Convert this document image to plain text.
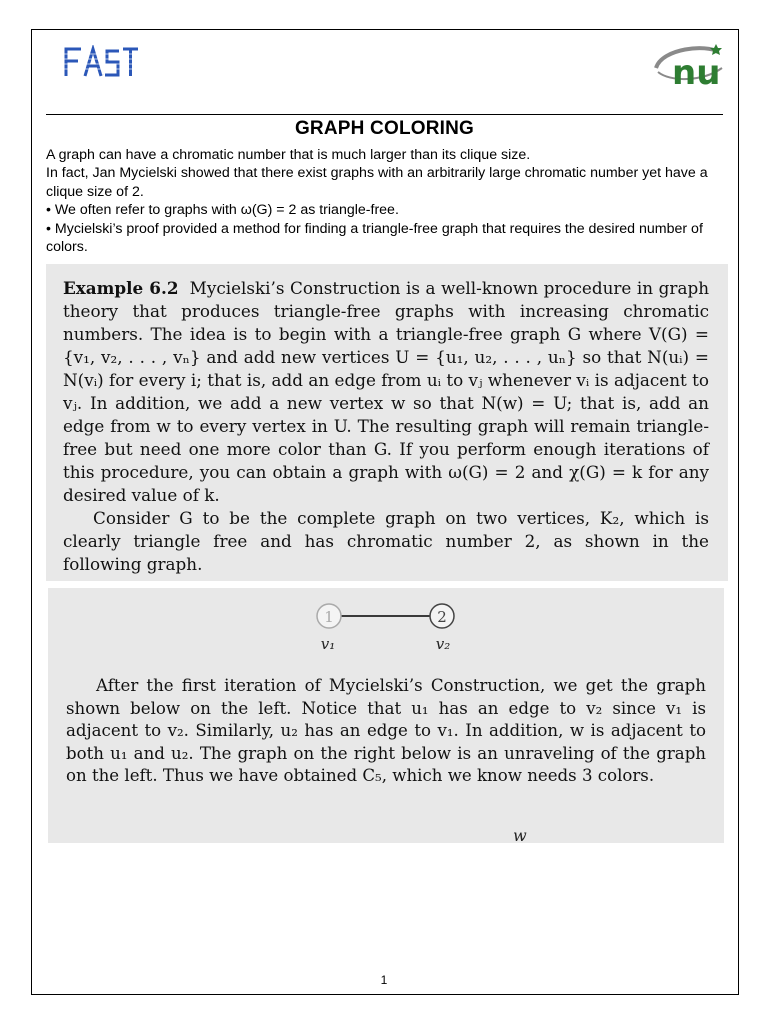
FAST	nu
GRAPH COLORING

A graph can have a chromatic number that is much larger than its clique size.

In fact, Jan Mycielski showed that there exist graphs with an arbitrarily large chromatic number yet have a clique size of 2.

• We often refer to graphs with ω(G) = 2 as triangle-free.

• Mycielski’s proof provided a method for finding a triangle-free graph that requires the desired number of colors.

Example 6.2 Mycielski’s Construction is a well-known procedure in graph theory that produces triangle-free graphs with increasing chromatic numbers. The idea is to begin with a triangle-free graph G where V(G) = {v₁, v₂, . . . , vₙ} and add new vertices U = {u₁, u₂, . . . , uₙ} so that N(uᵢ) = N(vᵢ) for every i; that is, add an edge from uᵢ to vⱼ whenever vᵢ is adjacent to vⱼ. In addition, we add a new vertex w so that N(w) = U; that is, add an edge from w to every vertex in U. The resulting graph will remain triangle-free but need one more color than G. If you perform enough iterations of this procedure, you can obtain a graph with ω(G) = 2 and χ(G) = k for any desired value of k.

Consider G to be the complete graph on two vertices, K₂, which is clearly triangle free and has chromatic number 2, as shown in the following graph.

1	2
v₁	v₂

After the first iteration of Mycielski’s Construction, we get the graph shown below on the left. Notice that u₁ has an edge to v₂ since v₁ is adjacent to v₂. Similarly, u₂ has an edge to v₁. In addition, w is adjacent to both u₁ and u₂. The graph on the right below is an unraveling of the graph on the left. Thus we have obtained C₅, which we know needs 3 colors.

w
1
